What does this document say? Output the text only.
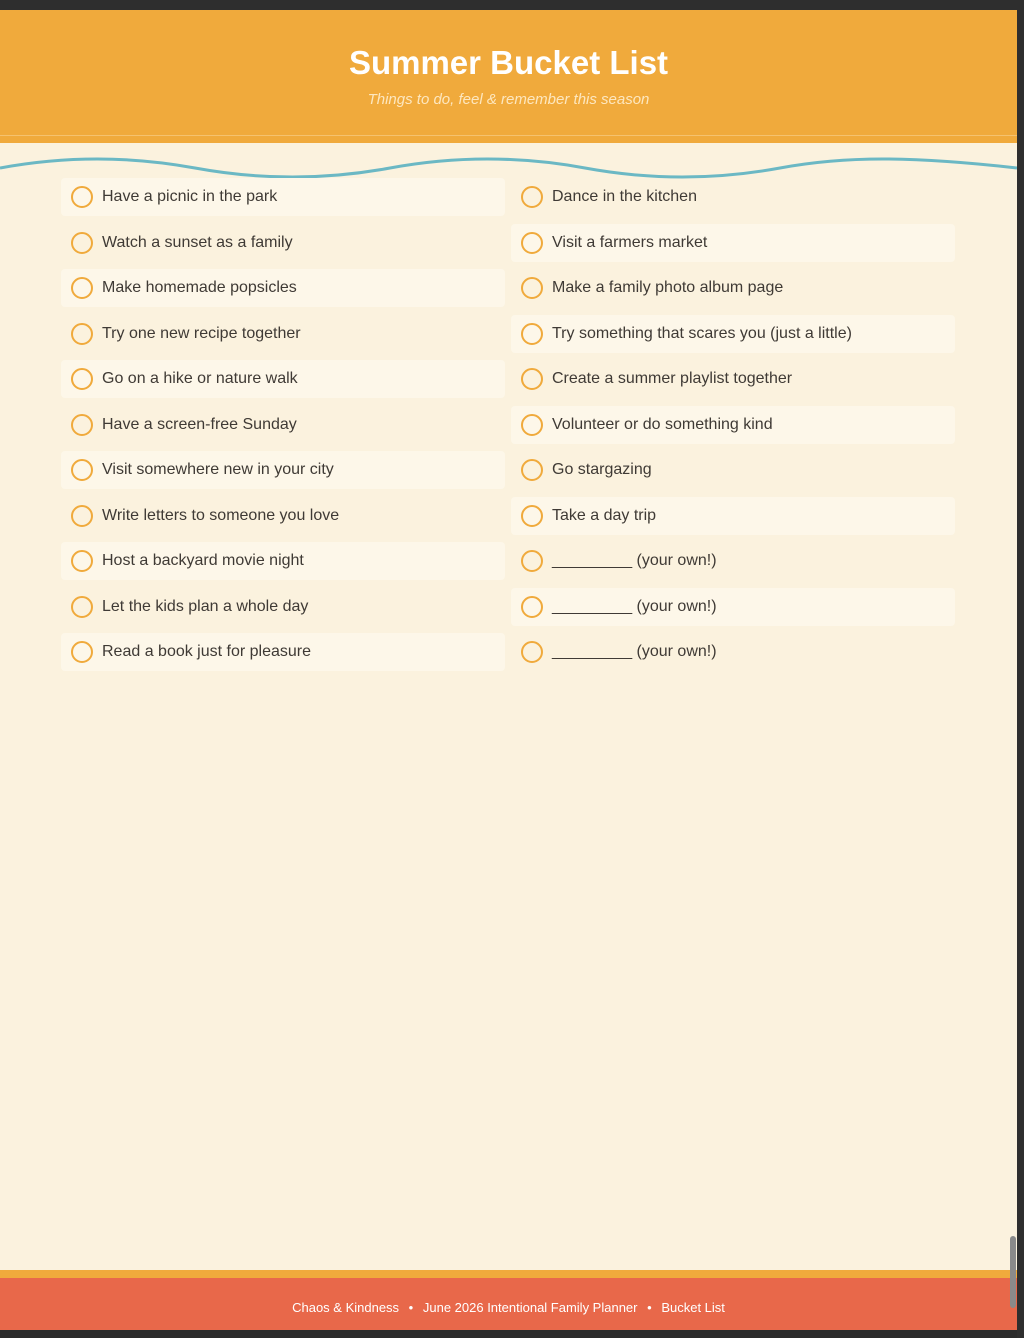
Summer Bucket List
Things to do, feel & remember this season
Have a picnic in the park
Watch a sunset as a family
Make homemade popsicles
Try one new recipe together
Go on a hike or nature walk
Have a screen-free Sunday
Visit somewhere new in your city
Write letters to someone you love
Host a backyard movie night
Let the kids plan a whole day
Read a book just for pleasure
Dance in the kitchen
Visit a farmers market
Make a family photo album page
Try something that scares you (just a little)
Create a summer playlist together
Volunteer or do something kind
Go stargazing
Take a day trip
_________ (your own!)
_________ (your own!)
_________ (your own!)
Chaos & Kindness • June 2026 Intentional Family Planner • Bucket List
